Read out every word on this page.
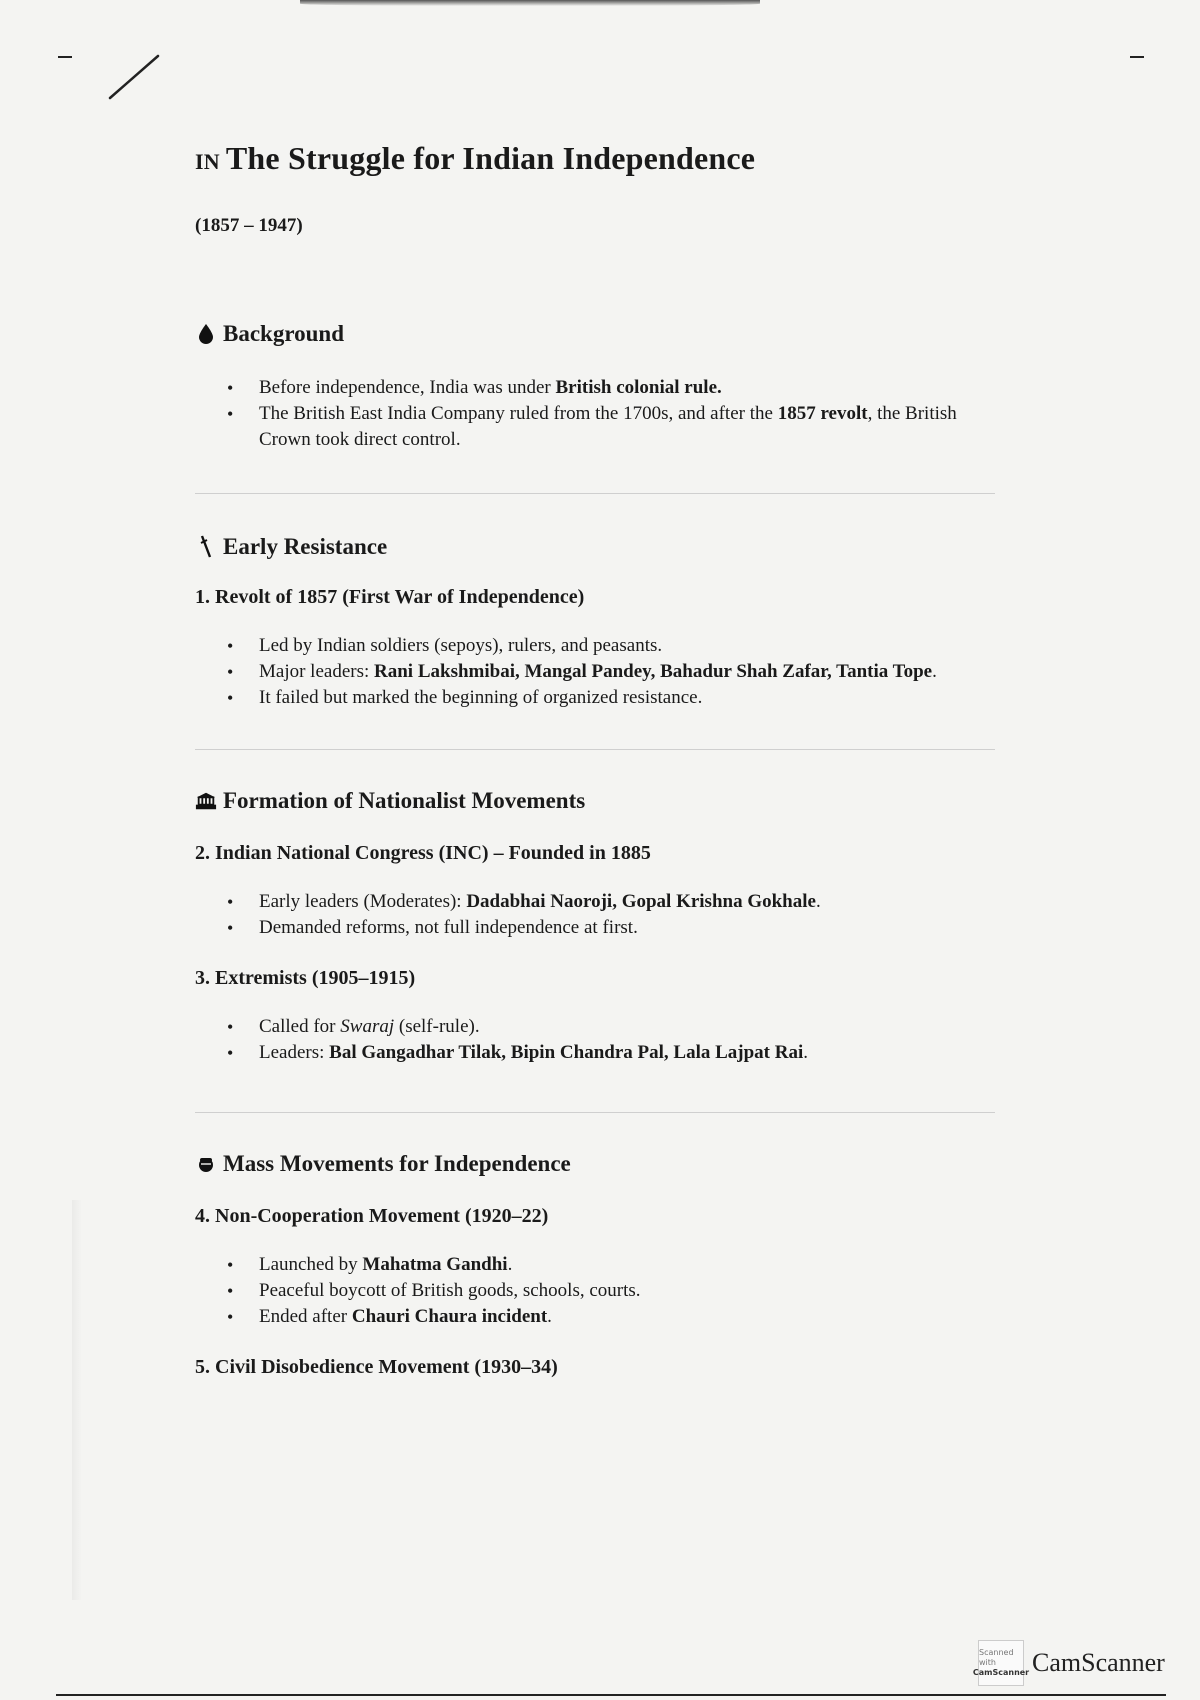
IN The Struggle for Indian Independence
(1857 – 1947)
Background
• Before independence, India was under British colonial rule.
• The British East India Company ruled from the 1700s, and after the 1857 revolt, the British Crown took direct control.
Early Resistance
1. Revolt of 1857 (First War of Independence)
• Led by Indian soldiers (sepoys), rulers, and peasants.
• Major leaders: Rani Lakshmibai, Mangal Pandey, Bahadur Shah Zafar, Tantia Tope.
• It failed but marked the beginning of organized resistance.
Formation of Nationalist Movements
2. Indian National Congress (INC) – Founded in 1885
• Early leaders (Moderates): Dadabhai Naoroji, Gopal Krishna Gokhale.
• Demanded reforms, not full independence at first.
3. Extremists (1905–1915)
• Called for Swaraj (self-rule).
• Leaders: Bal Gangadhar Tilak, Bipin Chandra Pal, Lala Lajpat Rai.
Mass Movements for Independence
4. Non-Cooperation Movement (1920–22)
• Launched by Mahatma Gandhi.
• Peaceful boycott of British goods, schools, courts.
• Ended after Chauri Chaura incident.
5. Civil Disobedience Movement (1930–34)
Scanned with
CamScanner CamScanner
